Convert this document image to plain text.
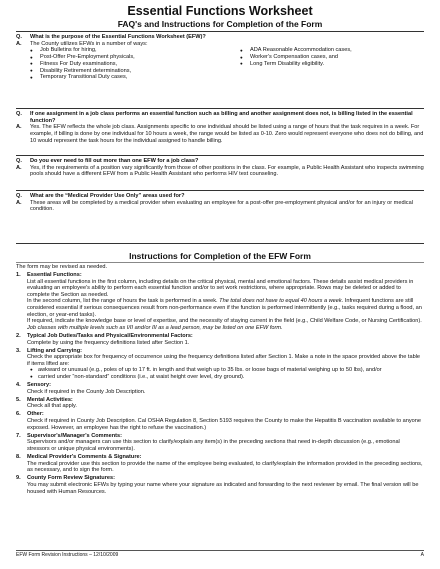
Essential Functions Worksheet
FAQ's and Instructions for Completion of the Form
Q.	What is the purpose of the Essential Functions Worksheet (EFW)?
A.	The County utilizes EFWs in a number of ways:
● Job Bulletins for hiring,
● Post-Offer Pre-Employment physicals,
● Fitness For Duty examinations,
● Disability Retirement determinations,
● Temporary Transitional Duty cases,
● ADA Reasonable Accommodation cases,
● Worker's Compensation cases, and
● Long Term Disability eligibility.
Q.	If one assignment in a job class performs an essential function such as billing and another assignment does not, is billing listed in the essential function?
A.	Yes. The EFW reflects the whole job class. Assignments specific to one individual should be listed using a range of hours that the task requires in a week. For example, if billing is done by one individual for 10 hours a week, the range would be listed as 0-10. Zero would represent everyone who does not do billing, and 10 would represent the task hours for the individual assigned to handle billing.
Q.	Do you ever need to fill out more than one EFW for a job class?
A.	Yes, if the requirements of a position vary significantly from those of other positions in the class. For example, a Public Health Assistant who inspects swimming pools should have a different EFW from a Public Health Assistant who performs HIV test counseling.
Q.	What are the “Medical Provider Use Only” areas used for?
A.	These areas will be completed by a medical provider when evaluating an employee for a post-offer pre-employment physical and/or for an injury or medical condition.
Instructions for Completion of the EFW Form
The form may be revised as needed.
1.	Essential Functions:
List all essential functions in the first column, including details on the critical physical, mental and emotional factors. These details assist medical providers in evaluating an employee's ability to perform each essential function and/or to set work restrictions, where appropriate. Rows may be deleted or added to complete the Section as needed.
In the second column, list the range of hours the task is performed in a week. The total does not have to equal 40 hours a week. Infrequent functions are still considered essential if serious consequences result from non-performance even if the function is performed intermittently (e.g., tasks required during a flood, an election, or year-end tasks).
If required, indicate the knowledge base or level of expertise, and the necessity of staying current in the field (e.g., Child Welfare Code, or Nursing Certification).
Job classes with multiple levels such as I/II and/or III as a lead person, may be listed on one EFW form.
2.	Typical Job Duties/Tasks and Physical/Environmental Factors:
Complete by using the frequency definitions listed after Section 1.
3.	Lifting and Carrying:
Check the appropriate box for frequency of occurrence using the frequency definitions listed after Section 1. Make a note in the space provided above the table if items lifted are:
● awkward or unusual (e.g., poles of up to 17 ft. in length and that weigh up to 35 lbs. or loose bags of material weighing up to 50 lbs), and/or
● carried under “non-standard” conditions (i.e., at waist height over level, dry ground).
4.	Sensory:
Check if required in the County Job Description.
5.	Mental Activities:
Check all that apply.
6.	Other:
Check if required in County Job Description. Cal OSHA Regulation 8, Section 5193 requires the County to make the Hepatitis B vaccination available to anyone exposed. However, an employee has the right to refuse the vaccination.)
7.	Supervisor's/Manager's Comments:
Supervisors and/or managers can use this section to clarify/explain any item(s) in the preceding sections that need in-depth discussion (e.g., emotional stressors or unique physical environments).
8.	Medical Provider's Comments & Signature:
The medical provider use this section to provide the name of the employee being evaluated, to clarify/explain the information provided in the preceding sections, as necessary, and to sign the form.
9.	County Form Review Signatures:
You may submit electronic EFWs by typing your name where your signature as indicated and forwarding to the next reviewer by email. The final version will be housed with Human Resources.
EFW Form Revision Instructions – 12/10/2009	A
